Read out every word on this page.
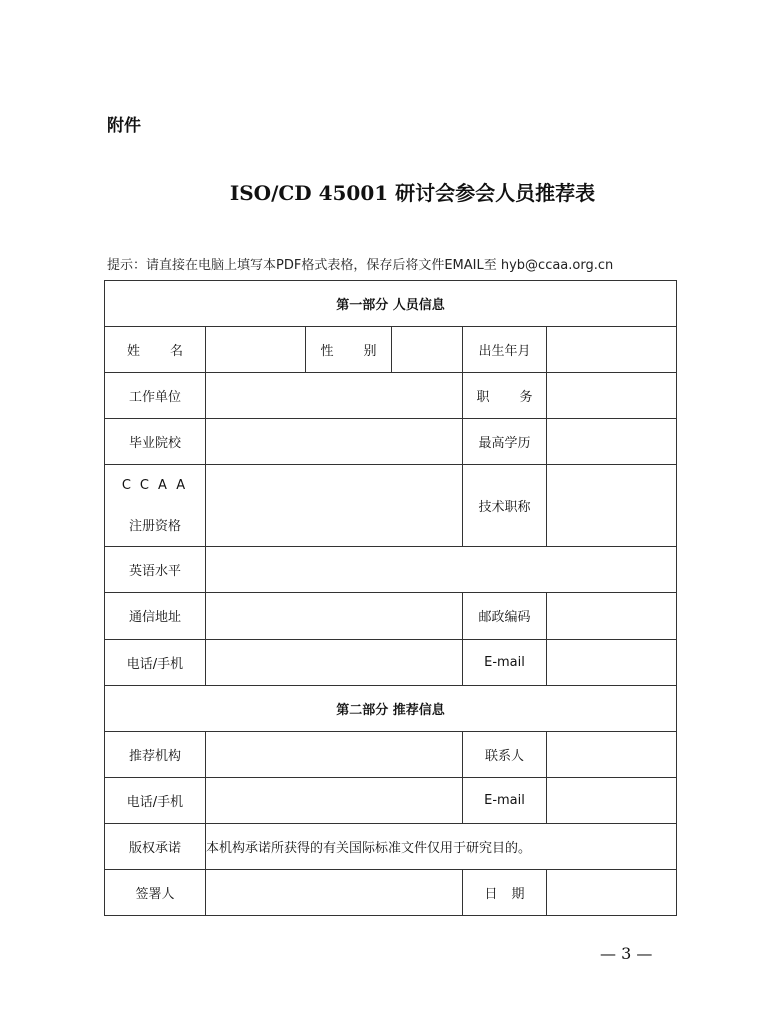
附件
ISO/CD 45001 研讨会参会人员推荐表
提示：请直接在电脑上填写本PDF格式表格，保存后将文件EMAIL至 hyb@ccaa.org.cn
第一部分 人员信息					

姓 名		性 别		出生年月	
工作单位				职 务	

毕业院校				最高学历	

CCAA
注册资格				技术职称	
英语水平					
通信地址				邮政编码	
电话/手机				E-mail	
第二部分 推荐信息					
推荐机构				联系人	
电话/手机				E-mail	
版权承诺	本机构承诺所获得的有关国际标准文件仅用于研究目的。				
签署人				日 期	

— 3 —
